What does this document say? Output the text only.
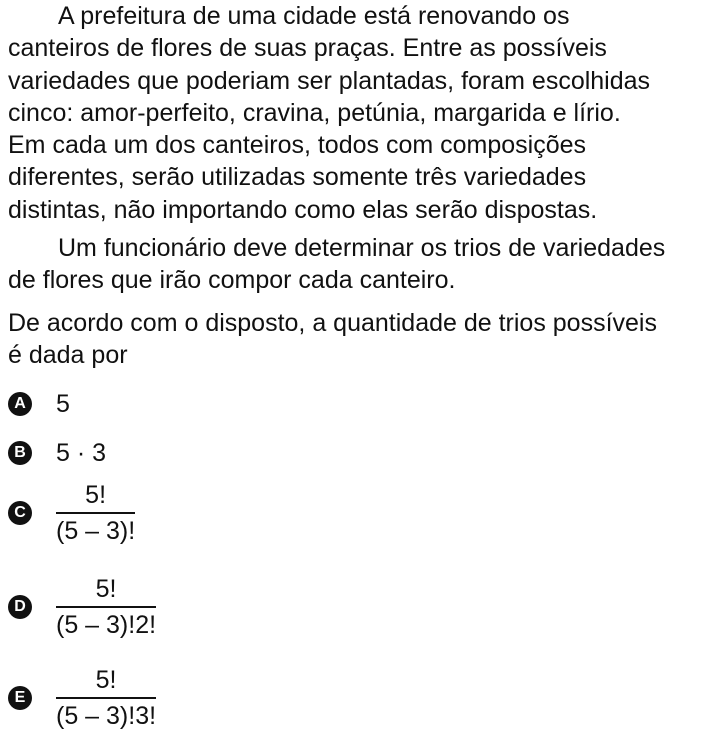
A prefeitura de uma cidade está renovando os
canteiros de flores de suas praças. Entre as possíveis
variedades que poderiam ser plantadas, foram escolhidas
cinco: amor-perfeito, cravina, petúnia, margarida e lírio.
Em cada um dos canteiros, todos com composições
diferentes, serão utilizadas somente três variedades
distintas, não importando como elas serão dispostas.
Um funcionário deve determinar os trios de variedades
de flores que irão compor cada canteiro.
De acordo com o disposto, a quantidade de trios possíveis
é dada por
A 5
B 5 · 3
C $\frac{5!}{(5 - 3)!}$
D $\frac{5!}{(5 - 3)!2!}$
E $\frac{5!}{(5 - 3)!3!}$
